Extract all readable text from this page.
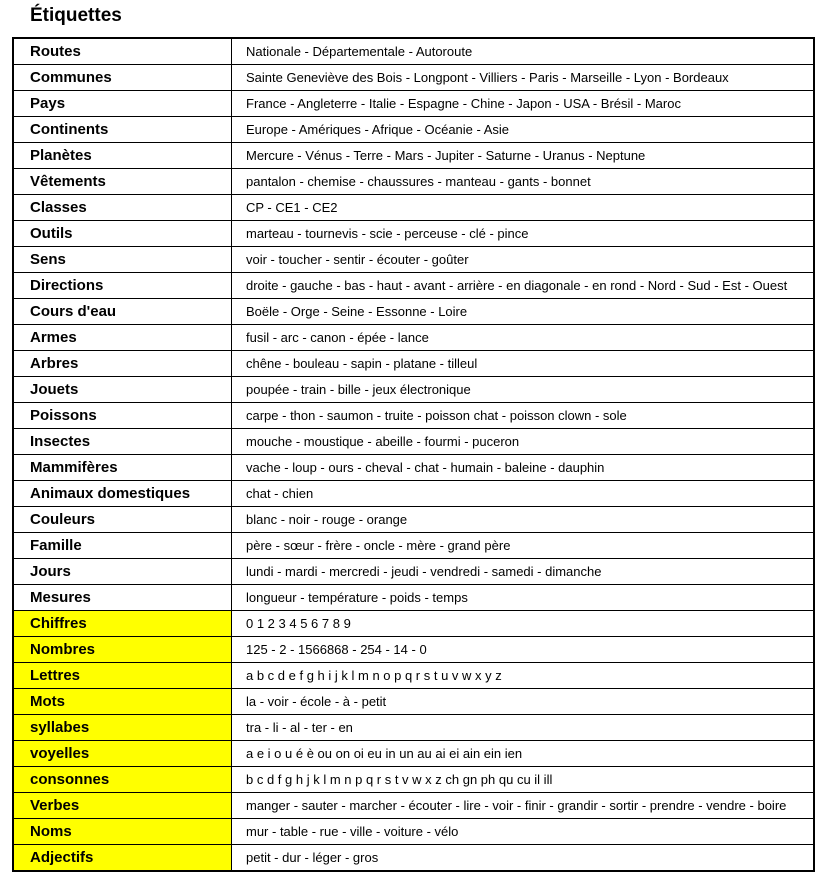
Étiquettes
Routes	Nationale - Départementale - Autoroute
Communes	Sainte Geneviève des Bois - Longpont - Villiers - Paris - Marseille - Lyon - Bordeaux
Pays	France - Angleterre - Italie - Espagne - Chine - Japon - USA - Brésil - Maroc
Continents	Europe - Amériques - Afrique - Océanie - Asie
Planètes	Mercure - Vénus - Terre - Mars - Jupiter - Saturne - Uranus - Neptune
Vêtements	pantalon - chemise - chaussures - manteau - gants - bonnet
Classes	CP - CE1 - CE2
Outils	marteau - tournevis - scie - perceuse - clé - pince
Sens	voir - toucher - sentir - écouter - goûter
Directions	droite - gauche - bas - haut - avant - arrière - en diagonale - en rond - Nord - Sud - Est - Ouest
Cours d'eau	Boële - Orge - Seine - Essonne - Loire
Armes	fusil - arc - canon - épée - lance
Arbres	chêne - bouleau - sapin - platane - tilleul
Jouets	poupée - train - bille - jeux électronique
Poissons	carpe - thon - saumon - truite - poisson chat - poisson clown - sole
Insectes	mouche - moustique - abeille - fourmi - puceron
Mammifères	vache - loup - ours - cheval - chat - humain - baleine - dauphin
Animaux domestiques	chat - chien
Couleurs	blanc - noir - rouge - orange
Famille	père - sœur - frère - oncle - mère - grand père
Jours	lundi - mardi - mercredi - jeudi - vendredi - samedi - dimanche
Mesures	longueur - température - poids - temps
Chiffres	0 1 2 3 4 5 6 7 8 9
Nombres	125 - 2 - 1566868 - 254 - 14 - 0
Lettres	a b c d e f g h i j k l m n o p q r s t u v w x y z
Mots	la - voir - école - à - petit
syllabes	tra - li - al - ter - en
voyelles	a e i o u é è ou on oi eu in un au ai ei ain ein ien
consonnes	b c d f g h j k l m n p q r s t v w x z ch gn ph qu cu il ill
Verbes	manger - sauter - marcher - écouter - lire - voir - finir - grandir - sortir - prendre - vendre - boire
Noms	mur - table - rue - ville - voiture - vélo
Adjectifs	petit - dur - léger - gros
